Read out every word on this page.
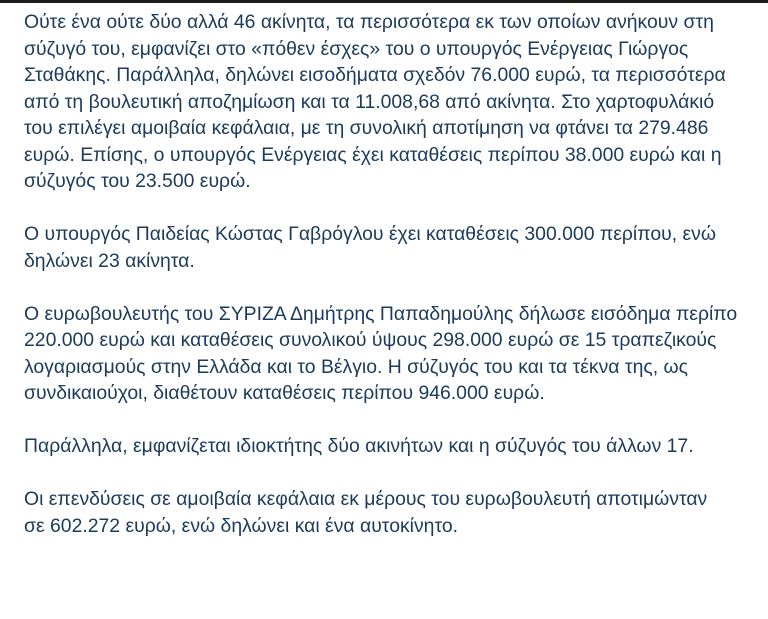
Ούτε ένα ούτε δύο αλλά 46 ακίνητα, τα περισσότερα εκ των οποίων ανήκουν στη
σύζυγό του, εμφανίζει στο «πόθεν έσχες» του ο υπουργός Ενέργειας Γιώργος
Σταθάκης. Παράλληλα, δηλώνει εισοδήματα σχεδόν 76.000 ευρώ, τα περισσότερα
από τη βουλευτική αποζημίωση και τα 11.008,68 από ακίνητα. Στο χαρτοφυλάκιό
του επιλέγει αμοιβαία κεφάλαια, με τη συνολική αποτίμηση να φτάνει τα 279.486
ευρώ. Επίσης, ο υπουργός Ενέργειας έχει καταθέσεις περίπου 38.000 ευρώ και η
σύζυγός του 23.500 ευρώ.

Ο υπουργός Παιδείας Κώστας Γαβρόγλου έχει καταθέσεις 300.000 περίπου, ενώ
δηλώνει 23 ακίνητα.

Ο ευρωβουλευτής του ΣΥΡΙΖΑ Δημήτρης Παπαδημούλης δήλωσε εισόδημα περίπο
220.000 ευρώ και καταθέσεις συνολικού ύψους 298.000 ευρώ σε 15 τραπεζικούς
λογαριασμούς στην Ελλάδα και το Βέλγιο. Η σύζυγός του και τα τέκνα της, ως
συνδικαιούχοι, διαθέτουν καταθέσεις περίπου 946.000 ευρώ.

Παράλληλα, εμφανίζεται ιδιοκτήτης δύο ακινήτων και η σύζυγός του άλλων 17.

Οι επενδύσεις σε αμοιβαία κεφάλαια εκ μέρους του ευρωβουλευτή αποτιμώνταν
σε 602.272 ευρώ, ενώ δηλώνει και ένα αυτοκίνητο.
